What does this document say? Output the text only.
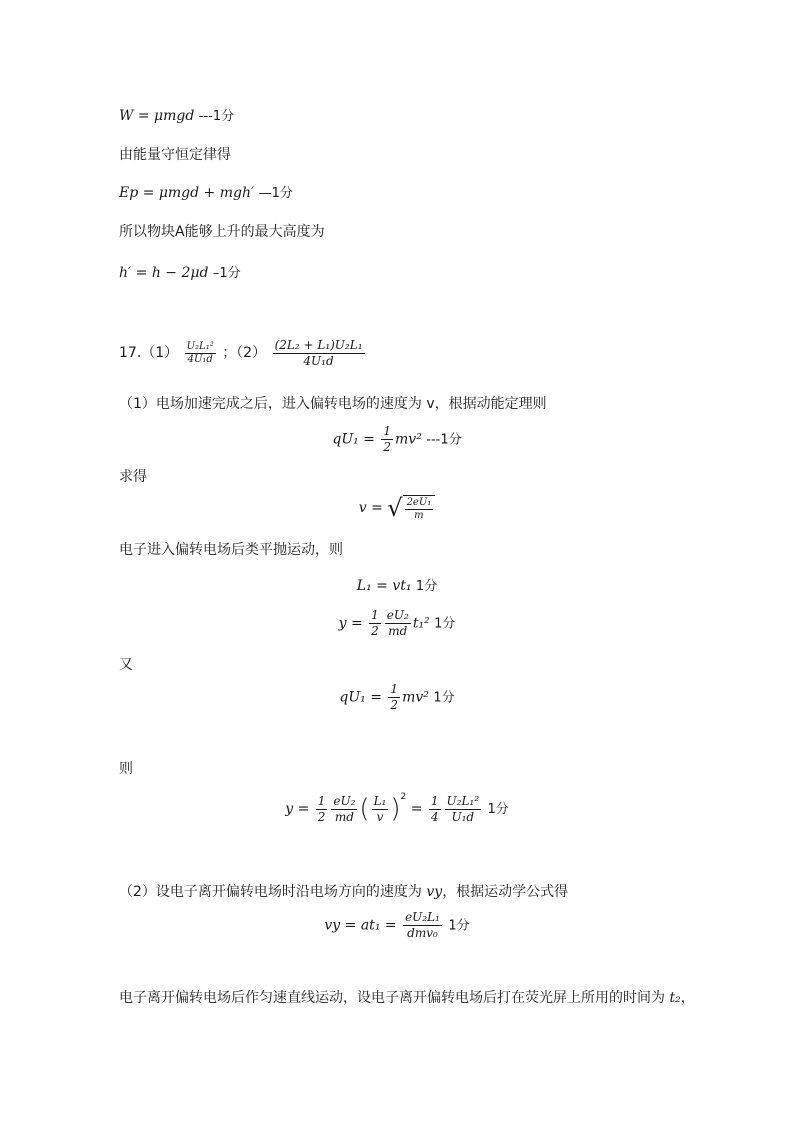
W = μmgd ---1分
由能量守恒定律得
Ep = μmgd + mgh′ —1分
所以物块A能够上升的最大高度为
h′ = h − 2μd –1分
$17.(1) \frac{\text{U₂L₁²}}{\text{4U₁d}}$ ；$(2) \frac{\text{(2L₂ + L₁)U₂L₁}}{\text{4U₁d}}$
（1）电场加速完成之后，进入偏转电场的速度为 v，根据动能定理则
$qU_1 = \frac{1}{2} mv^2$ ---1分
求得
v = √ $\frac{\text{2eU₁}}{m}$
电子进入偏转电场后类平抛运动，则
L₁ = vt₁ 1分
$y = \frac{1}{2} \frac{\text{eU₂}}{md} t_1^2$ 1分
又
$qU_1 = \frac{1}{2} mv^2$ 1分
则
$y = \frac{1}{2} \frac{\text{eU₂}}{md}$ ( $\frac{\text{L₁}}{v} )^2 = \frac{1}{4} \frac{\text{U₂L₁²}}{\text{U₁d}} 1$分
（2）设电子离开偏转电场时沿电场方向的速度为 vy，根据运动学公式得
vy = $at_1 = \frac{\text{eU₂L₁}}{\text{dmv₀}} 1$分
电子离开偏转电场后作匀速直线运动，设电子离开偏转电场后打在荧光屏上所用的时间为 t₂，
